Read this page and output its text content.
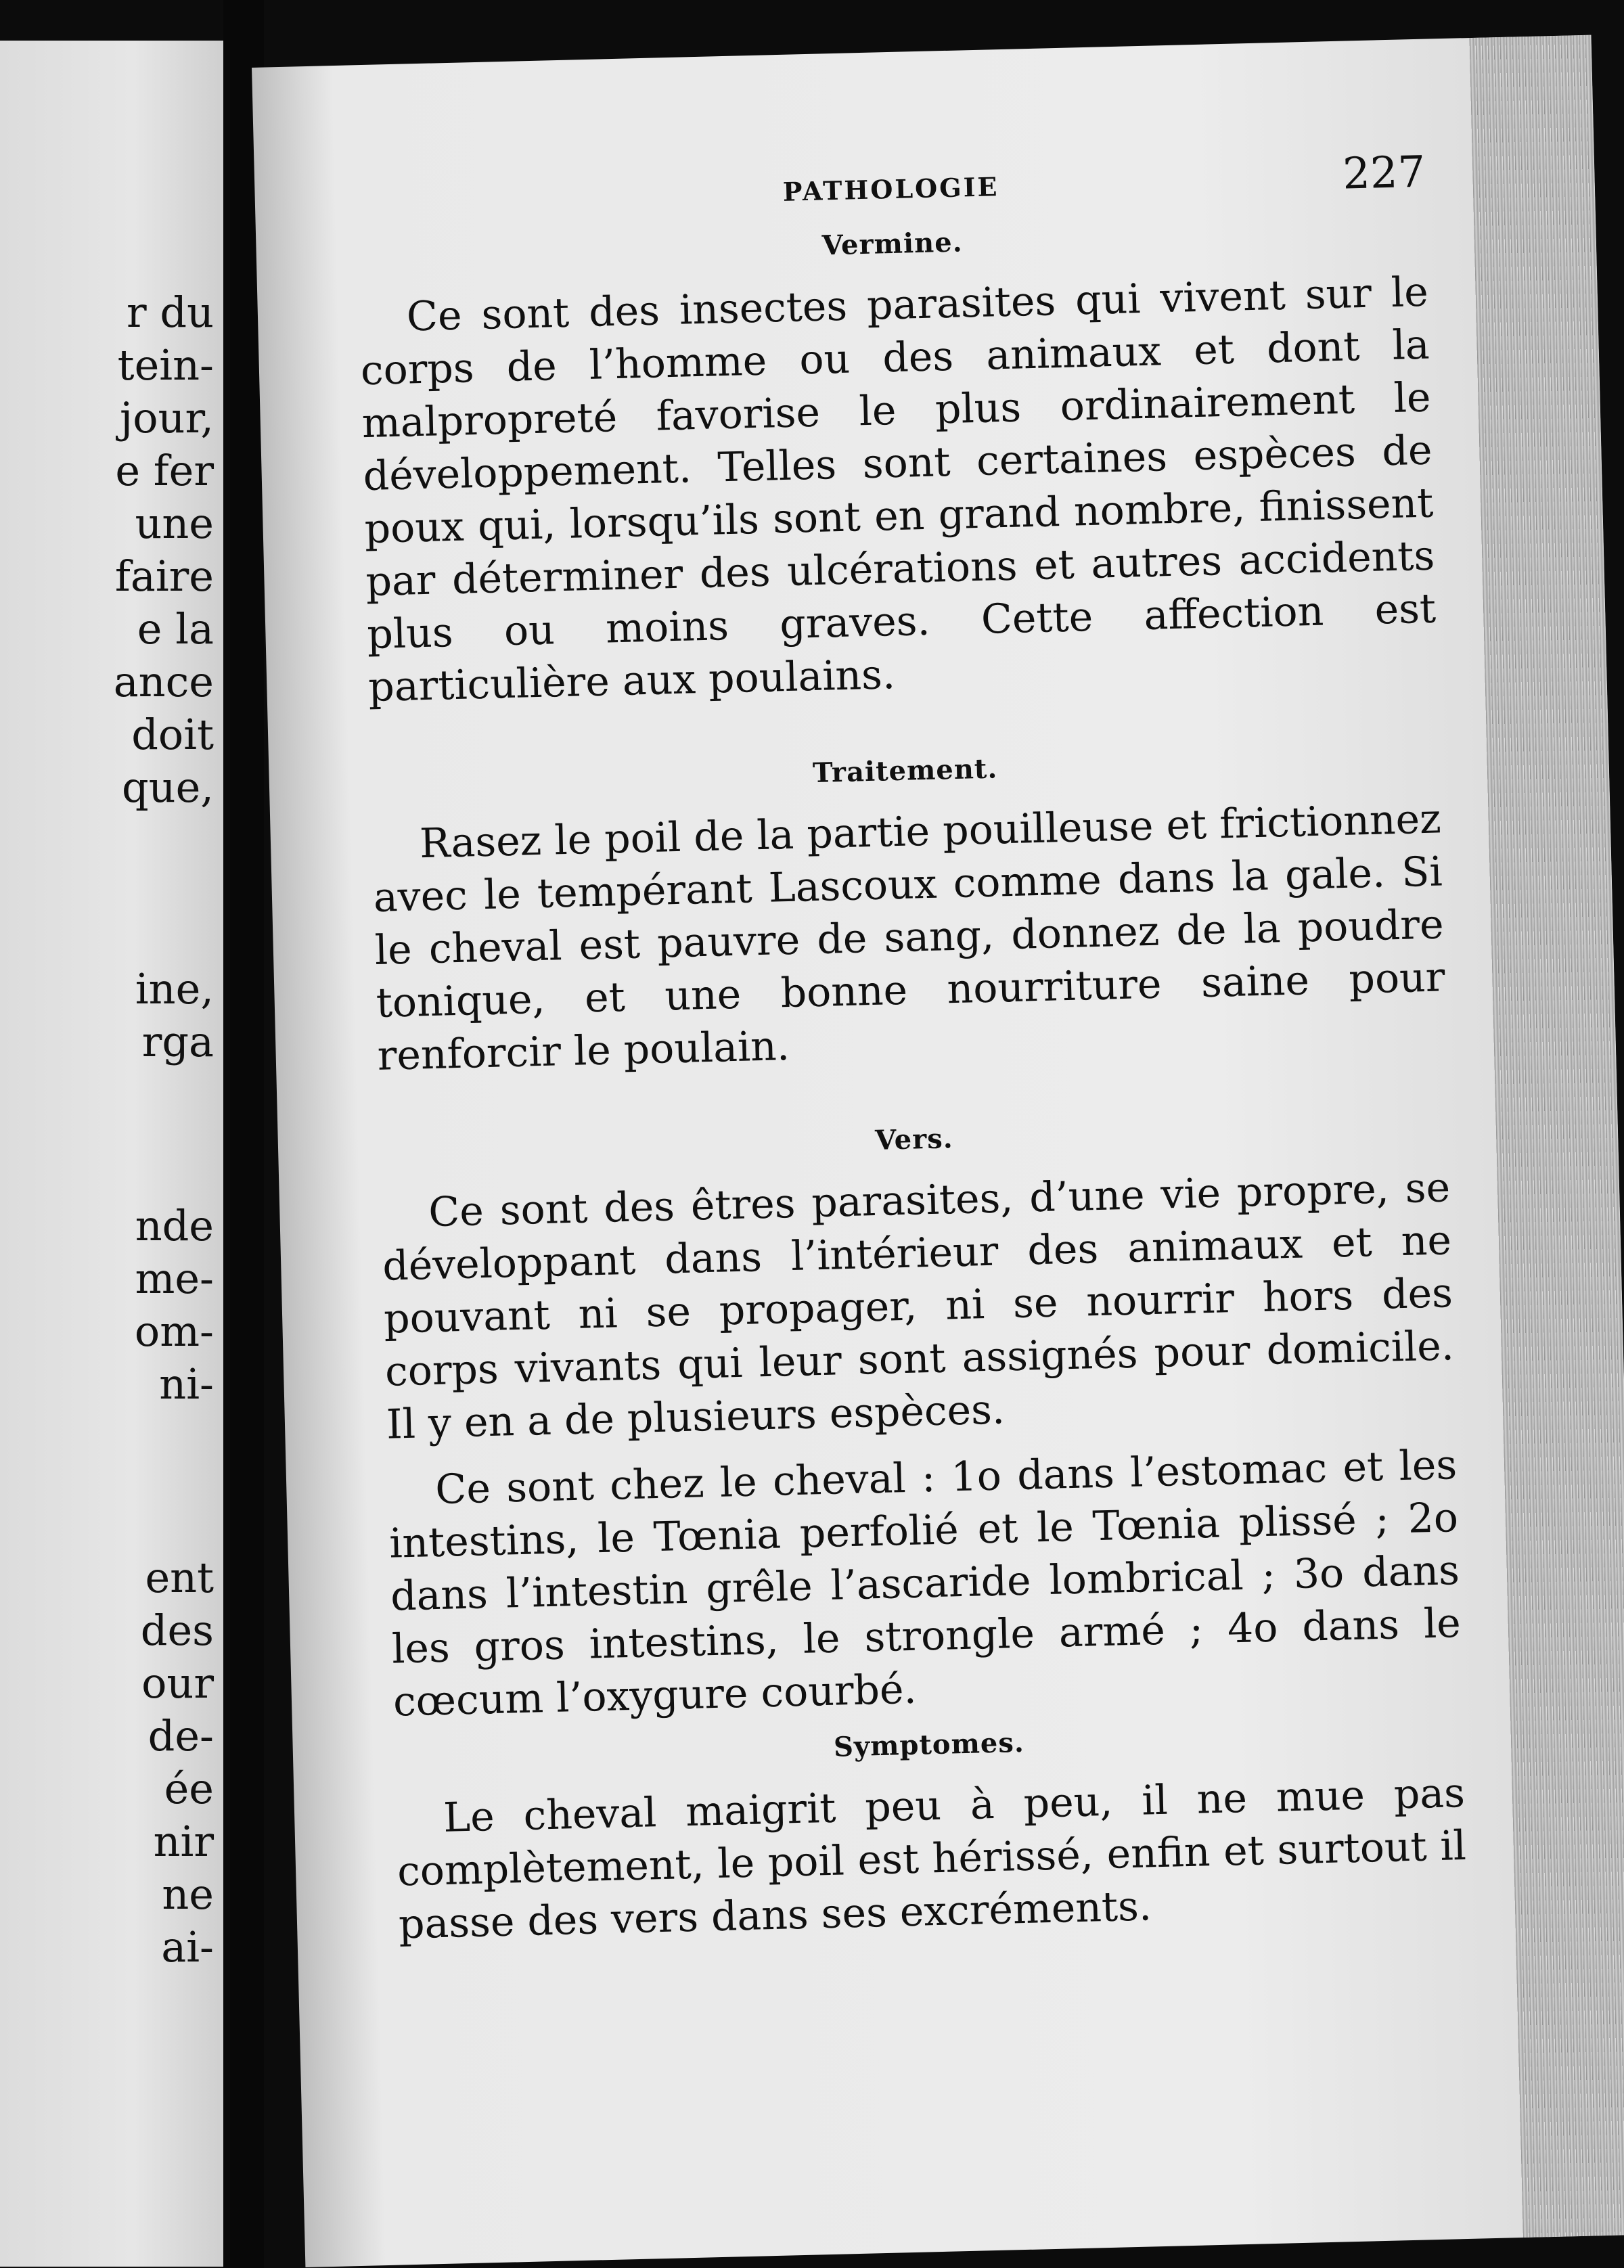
r du
tein-
jour,
e fer
une
faire
e la
ance
doit
que,
ine,
rga
nde
me-
om-
ni-
ent
des
our
de-
ée
nir
ne
ai-
PATHOLOGIE	227
Vermine.

Ce sont des insectes parasites qui vivent sur le corps de l’homme ou des animaux et dont la malpropreté favorise le plus ordinairement le développement. Telles sont certaines espèces de poux qui, lorsqu’ils sont en grand nombre, finissent par déterminer des ulcérations et autres accidents plus ou moins graves. Cette affection est particulière aux poulains.

Traitement.

Rasez le poil de la partie pouilleuse et frictionnez avec le tempérant Lascoux comme dans la gale. Si le cheval est pauvre de sang, donnez de la poudre tonique, et une bonne nourriture saine pour renforcir le poulain.

Vers.

Ce sont des êtres parasites, d’une vie propre, se développant dans l’intérieur des animaux et ne pouvant ni se propager, ni se nourrir hors des corps vivants qui leur sont assignés pour domicile. Il y en a de plusieurs espèces.

Ce sont chez le cheval : 1o dans l’estomac et les intestins, le Tœnia perfolié et le Tœnia plissé ; 2o dans l’intestin grêle l’ascaride lombrical ; 3o dans les gros intestins, le strongle armé ; 4o dans le cœcum l’oxygure courbé.

Symptomes.

Le cheval maigrit peu à peu, il ne mue pas complètement, le poil est hérissé, enfin et surtout il passe des vers dans ses excréments.
